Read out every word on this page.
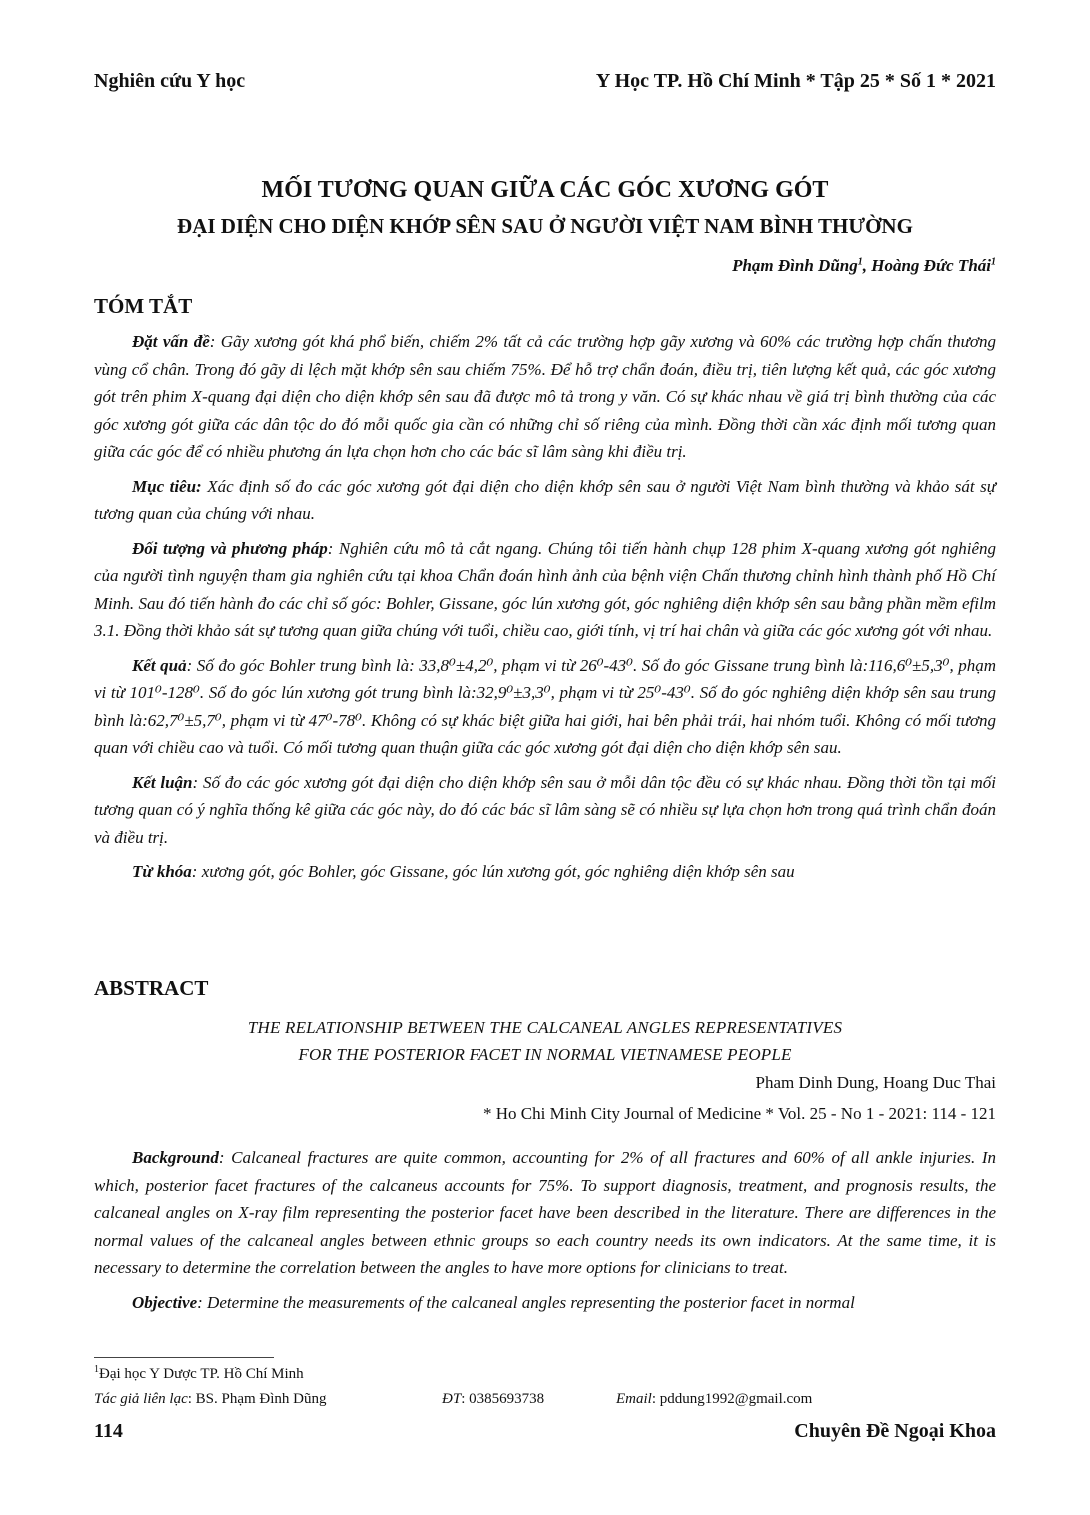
Nghiên cứu Y học	Y Học TP. Hồ Chí Minh * Tập 25 * Số 1 * 2021
MỐI TƯƠNG QUAN GIỮA CÁC GÓC XƯƠNG GÓT
ĐẠI DIỆN CHO DIỆN KHỚP SÊN SAU Ở NGƯỜI VIỆT NAM BÌNH THƯỜNG
Phạm Đình Dũng$^1$, Hoàng Đức Thái$^1$
TÓM TẮT

Đặt vấn đề: Gãy xương gót khá phổ biến, chiếm 2% tất cả các trường hợp gãy xương và 60% các trường hợp chấn thương vùng cổ chân. Trong đó gãy di lệch mặt khớp sên sau chiếm 75%. Để hỗ trợ chẩn đoán, điều trị, tiên lượng kết quả, các góc xương gót trên phim X-quang đại diện cho diện khớp sên sau đã được mô tả trong y văn. Có sự khác nhau về giá trị bình thường của các góc xương gót giữa các dân tộc do đó mỗi quốc gia cần có những chỉ số riêng của mình. Đồng thời cần xác định mối tương quan giữa các góc để có nhiều phương án lựa chọn hơn cho các bác sĩ lâm sàng khi điều trị.

Mục tiêu: Xác định số đo các góc xương gót đại diện cho diện khớp sên sau ở người Việt Nam bình thường và khảo sát sự tương quan của chúng với nhau.

Đối tượng và phương pháp: Nghiên cứu mô tả cắt ngang. Chúng tôi tiến hành chụp 128 phim X-quang xương gót nghiêng của người tình nguyện tham gia nghiên cứu tại khoa Chẩn đoán hình ảnh của bệnh viện Chấn thương chỉnh hình thành phố Hồ Chí Minh. Sau đó tiến hành đo các chỉ số góc: Bohler, Gissane, góc lún xương gót, góc nghiêng diện khớp sên sau bằng phần mềm efilm 3.1. Đồng thời khảo sát sự tương quan giữa chúng với tuổi, chiều cao, giới tính, vị trí hai chân và giữa các góc xương gót với nhau.

Kết quả: Số đo góc Bohler trung bình là: 33,8⁰±4,2⁰, phạm vi từ 26⁰-43⁰. Số đo góc Gissane trung bình là:116,6⁰±5,3⁰, phạm vi từ 101⁰-128⁰. Số đo góc lún xương gót trung bình là:32,9⁰±3,3⁰, phạm vi từ 25⁰-43⁰. Số đo góc nghiêng diện khớp sên sau trung bình là:62,7⁰±5,7⁰, phạm vi từ 47⁰-78⁰. Không có sự khác biệt giữa hai giới, hai bên phải trái, hai nhóm tuổi. Không có mối tương quan với chiều cao và tuổi. Có mối tương quan thuận giữa các góc xương gót đại diện cho diện khớp sên sau.

Kết luận: Số đo các góc xương gót đại diện cho diện khớp sên sau ở mỗi dân tộc đều có sự khác nhau. Đồng thời tồn tại mối tương quan có ý nghĩa thống kê giữa các góc này, do đó các bác sĩ lâm sàng sẽ có nhiều sự lựa chọn hơn trong quá trình chẩn đoán và điều trị.

Từ khóa: xương gót, góc Bohler, góc Gissane, góc lún xương gót, góc nghiêng diện khớp sên sau

ABSTRACT
THE RELATIONSHIP BETWEEN THE CALCANEAL ANGLES REPRESENTATIVES
FOR THE POSTERIOR FACET IN NORMAL VIETNAMESE PEOPLE
Pham Dinh Dung, Hoang Duc Thai
* Ho Chi Minh City Journal of Medicine * Vol. 25 - No 1 - 2021: 114 - 121

Background: Calcaneal fractures are quite common, accounting for 2% of all fractures and 60% of all ankle injuries. In which, posterior facet fractures of the calcaneus accounts for 75%. To support diagnosis, treatment, and prognosis results, the calcaneal angles on X-ray film representing the posterior facet have been described in the literature. There are differences in the normal values of the calcaneal angles between ethnic groups so each country needs its own indicators. At the same time, it is necessary to determine the correlation between the angles to have more options for clinicians to treat.

Objective: Determine the measurements of the calcaneal angles representing the posterior facet in normal

$^1$Đại học Y Dược TP. Hồ Chí Minh
Tác giả liên lạc: BS. Phạm Đình Dũng	ĐT: 0385693738	Email: pddung1992@gmail.com
114	Chuyên Đề Ngoại Khoa
